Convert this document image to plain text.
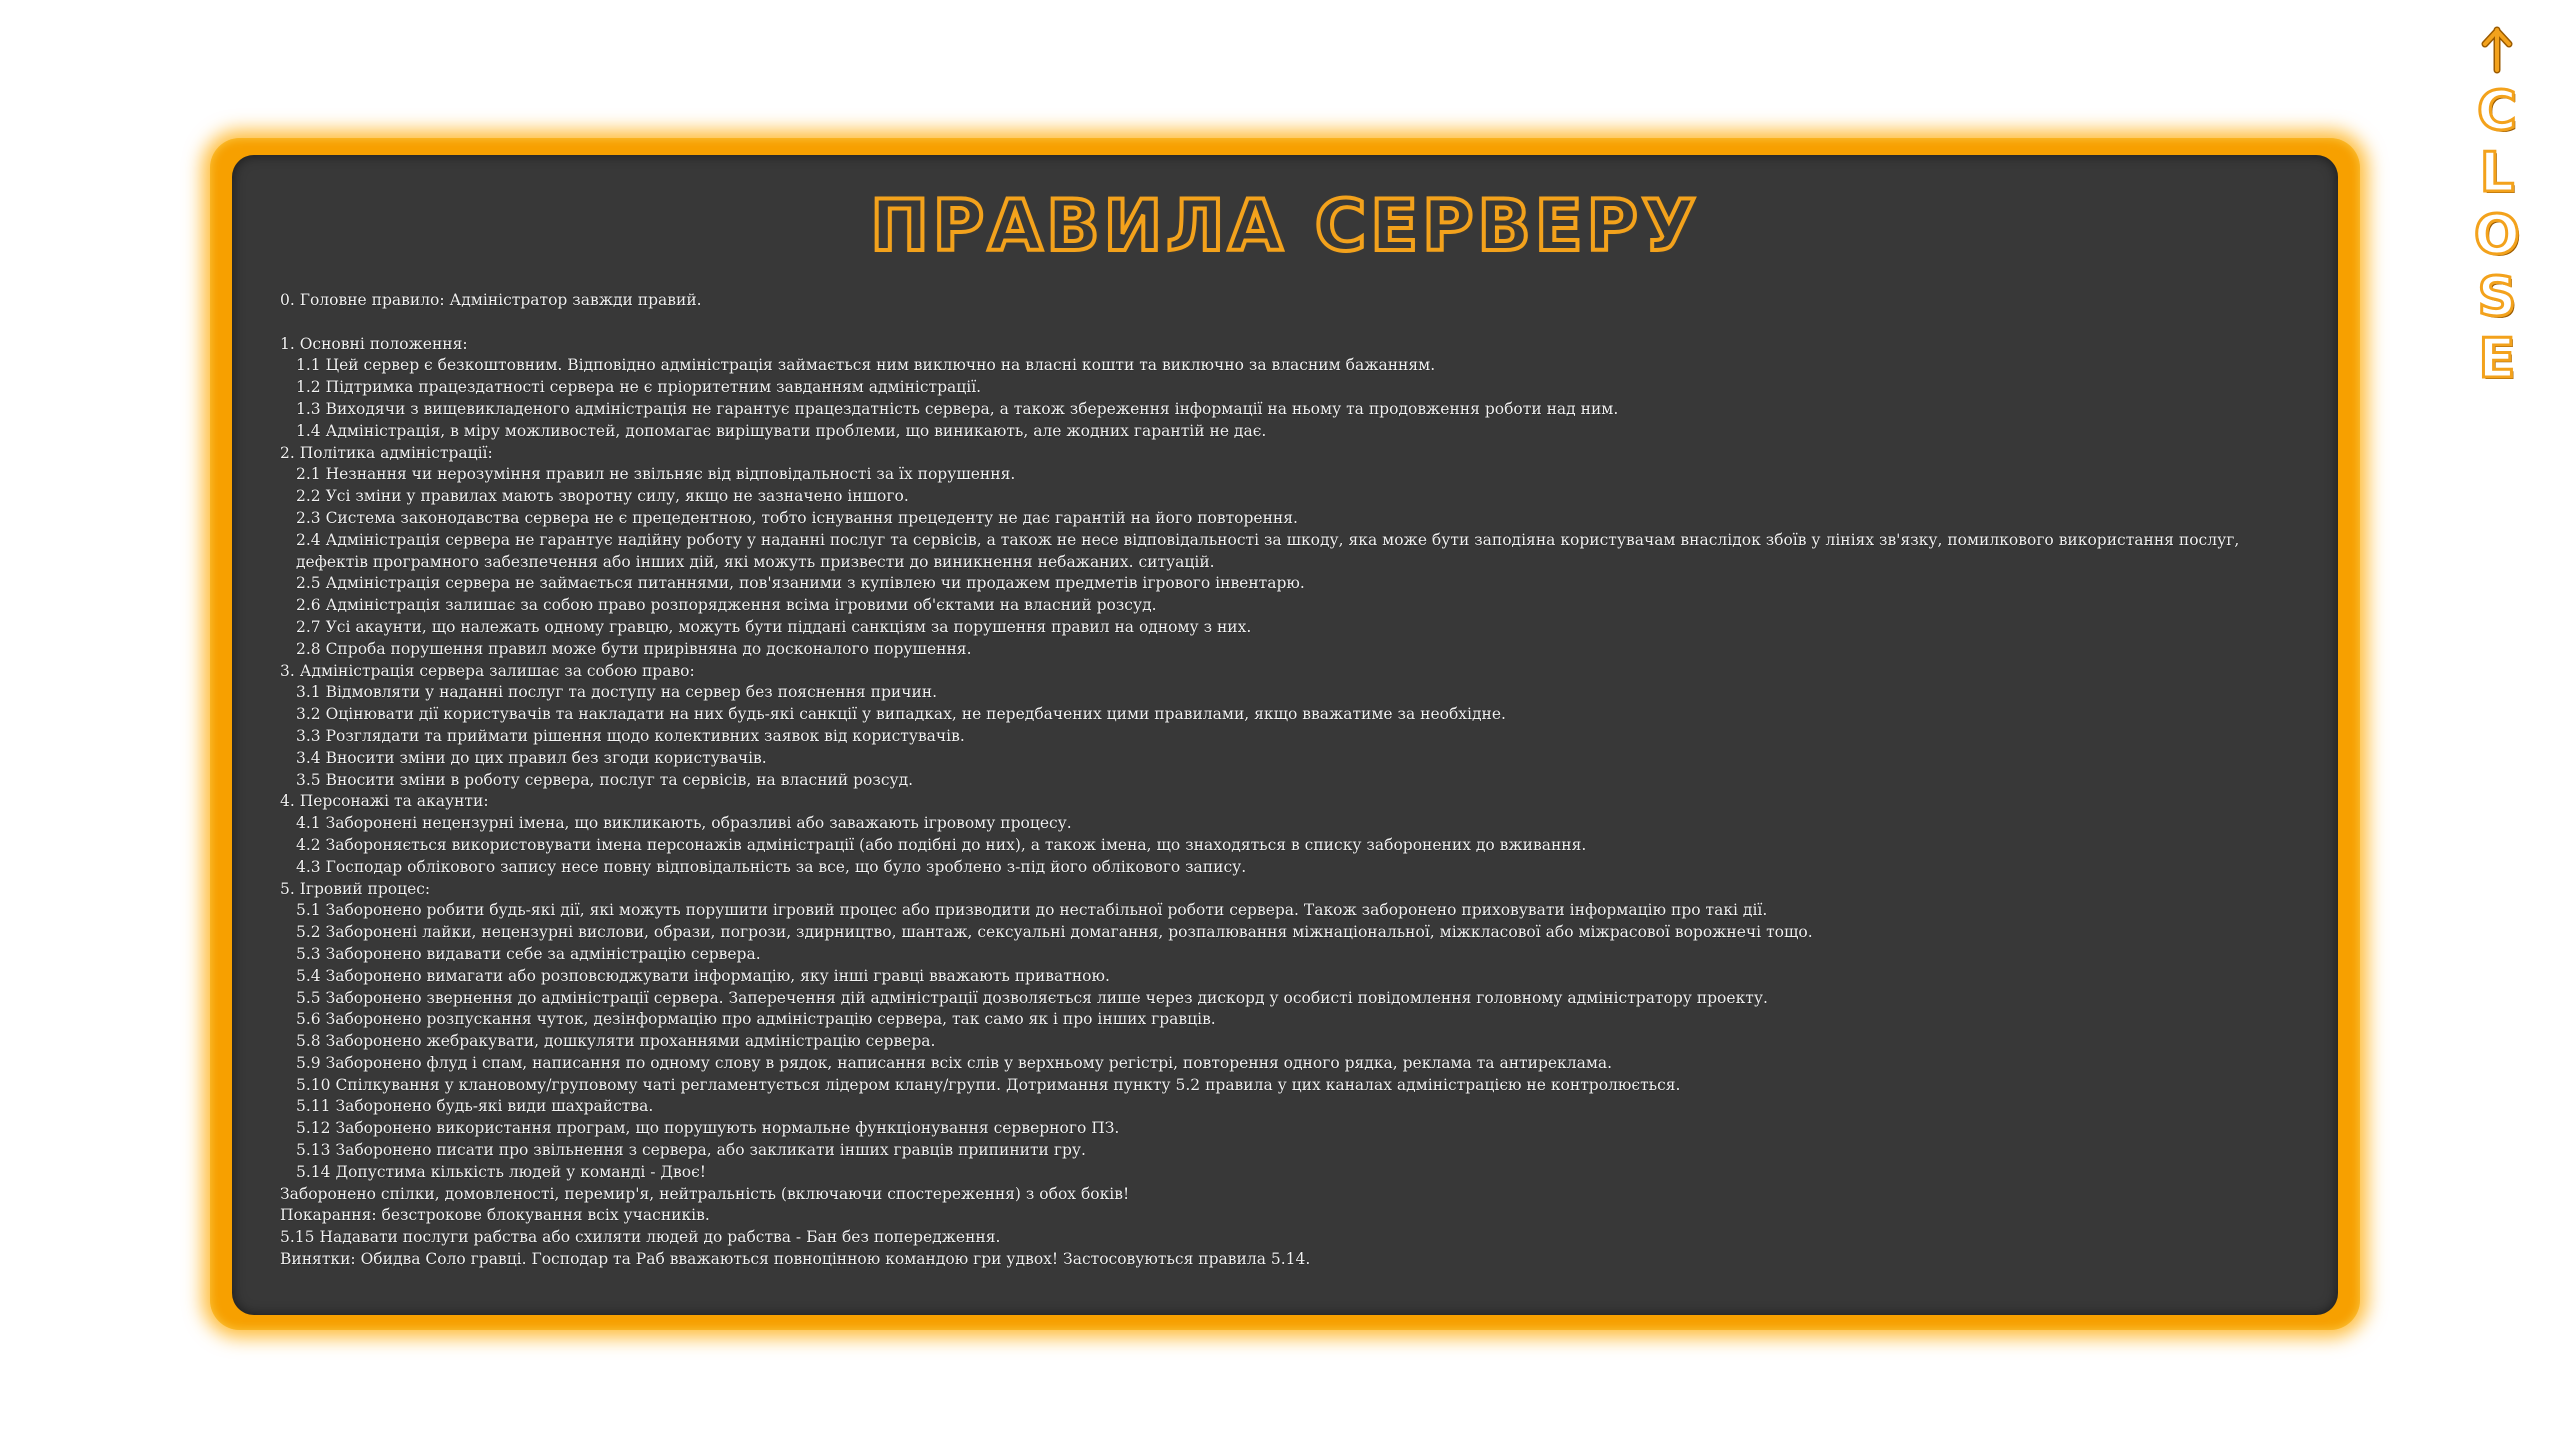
ПРАВИЛА СЕРВЕРУ
0. Головне правило: Адміністратор завжди правий.
1. Основні положення:
1.1 Цей сервер є безкоштовним. Відповідно адміністрація займається ним виключно на власні кошти та виключно за власним бажанням.
1.2 Підтримка працездатності сервера не є пріоритетним завданням адміністрації.
1.3 Виходячи з вищевикладеного адміністрація не гарантує працездатність сервера, а також збереження інформації на ньому та продовження роботи над ним.
1.4 Адміністрація, в міру можливостей, допомагає вирішувати проблеми, що виникають, але жодних гарантій не дає.
2. Політика адміністрації:
2.1 Незнання чи нерозуміння правил не звільняє від відповідальності за їх порушення.
2.2 Усі зміни у правилах мають зворотну силу, якщо не зазначено іншого.
2.3 Система законодавства сервера не є прецедентною, тобто існування прецеденту не дає гарантій на його повторення.
2.4 Адміністрація сервера не гарантує надійну роботу у наданні послуг та сервісів, а також не несе відповідальності за шкоду, яка може бути заподіяна користувачам внаслідок збоїв у лініях зв'язку, помилкового використання послуг, дефектів програмного забезпечення або інших дій, які можуть призвести до виникнення небажаних. ситуацій.
2.5 Адміністрація сервера не займається питаннями, пов'язаними з купівлею чи продажем предметів ігрового інвентарю.
2.6 Адміністрація залишає за собою право розпорядження всіма ігровими об'єктами на власний розсуд.
2.7 Усі акаунти, що належать одному гравцю, можуть бути піддані санкціям за порушення правил на одному з них.
2.8 Спроба порушення правил може бути прирівняна до досконалого порушення.
3. Адміністрація сервера залишає за собою право:
3.1 Відмовляти у наданні послуг та доступу на сервер без пояснення причин.
3.2 Оцінювати дії користувачів та накладати на них будь-які санкції у випадках, не передбачених цими правилами, якщо вважатиме за необхідне.
3.3 Розглядати та приймати рішення щодо колективних заявок від користувачів.
3.4 Вносити зміни до цих правил без згоди користувачів.
3.5 Вносити зміни в роботу сервера, послуг та сервісів, на власний розсуд.
4. Персонажі та акаунти:
4.1 Заборонені нецензурні імена, що викликають, образливі або заважають ігровому процесу.
4.2 Забороняється використовувати імена персонажів адміністрації (або подібні до них), а також імена, що знаходяться в списку заборонених до вживання.
4.3 Господар облікового запису несе повну відповідальність за все, що було зроблено з-під його облікового запису.
5. Ігровий процес:
5.1 Заборонено робити будь-які дії, які можуть порушити ігровий процес або призводити до нестабільної роботи сервера. Також заборонено приховувати інформацію про такі дії.
5.2 Заборонені лайки, нецензурні вислови, образи, погрози, здирництво, шантаж, сексуальні домагання, розпалювання міжнаціональної, міжкласової або міжрасової ворожнечі тощо.
5.3 Заборонено видавати себе за адміністрацію сервера.
5.4 Заборонено вимагати або розповсюджувати інформацію, яку інші гравці вважають приватною.
5.5 Заборонено звернення до адміністрації сервера. Заперечення дій адміністрації дозволяється лише через дискорд у особисті повідомлення головному адміністратору проекту.
5.6 Заборонено розпускання чуток, дезінформацію про адміністрацію сервера, так само як і про інших гравців.
5.8 Заборонено жебракувати, дошкуляти проханнями адміністрацію сервера.
5.9 Заборонено флуд і спам, написання по одному слову в рядок, написання всіх слів у верхньому регістрі, повторення одного рядка, реклама та антиреклама.
5.10 Спілкування у клановому/груповому чаті регламентується лідером клану/групи. Дотримання пункту 5.2 правила у цих каналах адміністрацією не контролюється.
5.11 Заборонено будь-які види шахрайства.
5.12 Заборонено використання програм, що порушують нормальне функціонування серверного ПЗ.
5.13 Заборонено писати про звільнення з сервера, або закликати інших гравців припинити гру.
5.14 Допустима кількість людей у команді - Двоє!
Заборонено спілки, домовленості, перемир'я, нейтральність (включаючи спостереження) з обох боків!
Покарання: безстрокове блокування всіх учасників.
5.15 Надавати послуги рабства або схиляти людей до рабства - Бан без попередження.
Винятки: Обидва Соло гравці. Господар та Раб вважаються повноцінною командою гри удвох! Застосовуються правила 5.14.
C
L
O
S
E
